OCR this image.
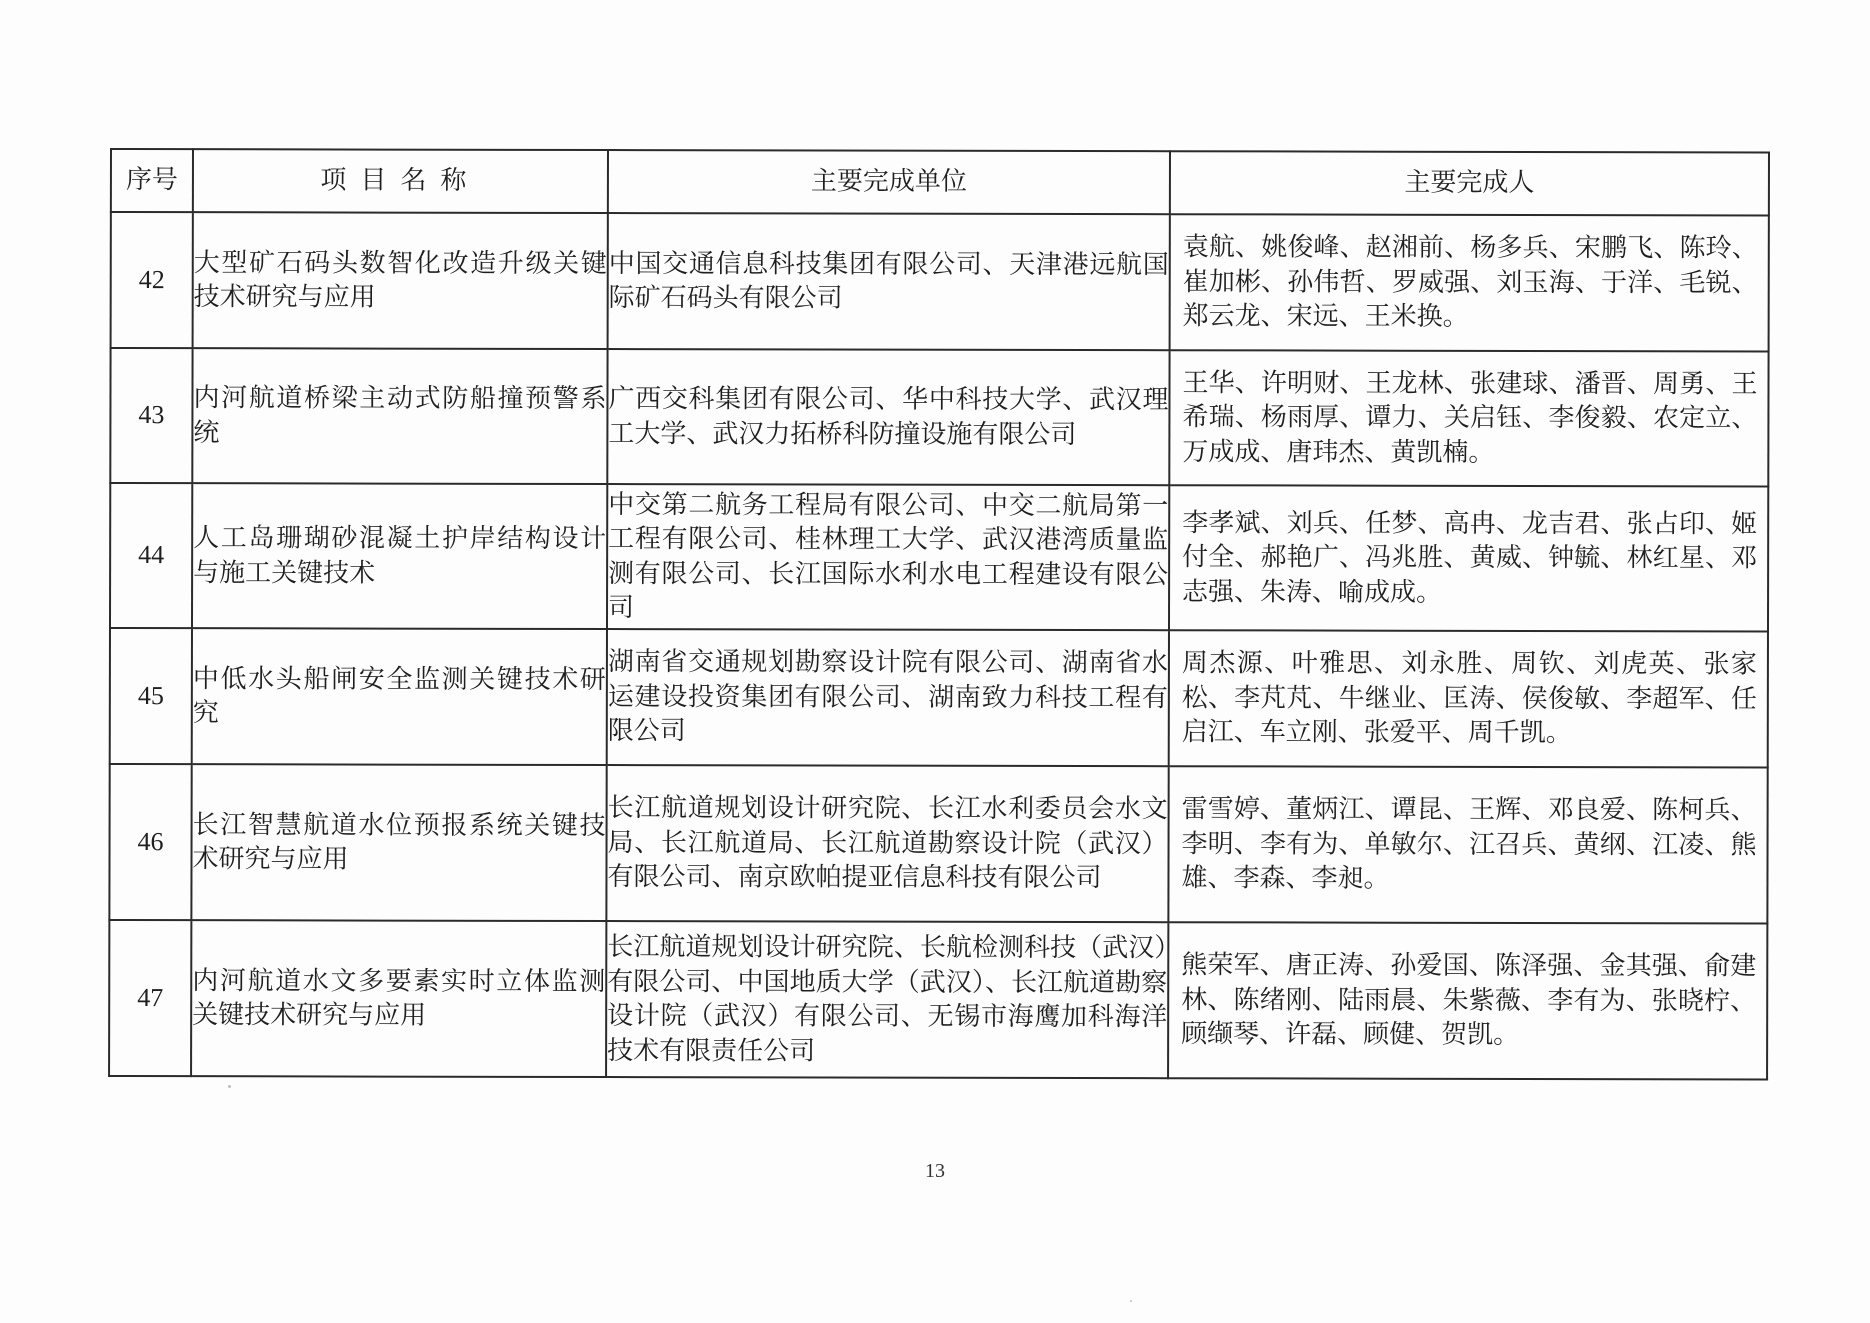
序号	项目名称	主要完成单位	主要完成人
42	大型矿石码头数智化改造升级关键技术研究与应用	中国交通信息科技集团有限公司、天津港远航国际矿石码头有限公司	袁航、姚俊峰、赵湘前、杨多兵、宋鹏飞、陈玲、崔加彬、孙伟哲、罗威强、刘玉海、于洋、毛锐、郑云龙、宋远、王米换。
43	内河航道桥梁主动式防船撞预警系统	广西交科集团有限公司、华中科技大学、武汉理工大学、武汉力拓桥科防撞设施有限公司	王华、许明财、王龙林、张建球、潘晋、周勇、王希瑞、杨雨厚、谭力、关启钰、李俊毅、农定立、万成成、唐玮杰、黄凯楠。
44	人工岛珊瑚砂混凝土护岸结构设计与施工关键技术	中交第二航务工程局有限公司、中交二航局第一工程有限公司、桂林理工大学、武汉港湾质量监测有限公司、长江国际水利水电工程建设有限公司	李孝斌、刘兵、任梦、高冉、龙吉君、张占印、姬付全、郝艳广、冯兆胜、黄威、钟毓、林红星、邓志强、朱涛、喻成成。
45	中低水头船闸安全监测关键技术研究	湖南省交通规划勘察设计院有限公司、湖南省水运建设投资集团有限公司、湖南致力科技工程有限公司	周杰源、叶雅思、刘永胜、周钦、刘虎英、张家松、李芃芃、牛继业、匡涛、侯俊敏、李超军、任启江、车立刚、张爱平、周千凯。
46	长江智慧航道水位预报系统关键技术研究与应用	长江航道规划设计研究院、长江水利委员会水文局、长江航道局、长江航道勘察设计院（武汉）有限公司、南京欧帕提亚信息科技有限公司	雷雪婷、董炳江、谭昆、王辉、邓良爱、陈柯兵、李明、李有为、单敏尔、江召兵、黄纲、江凌、熊雄、李森、李昶。
47	内河航道水文多要素实时立体监测关键技术研究与应用	长江航道规划设计研究院、长航检测科技（武汉）有限公司、中国地质大学（武汉）、长江航道勘察设计院（武汉）有限公司、无锡市海鹰加科海洋技术有限责任公司	熊荣军、唐正涛、孙爱国、陈泽强、金其强、俞建林、陈绪刚、陆雨晨、朱紫薇、李有为、张晓柠、顾缬琴、许磊、顾健、贺凯。
13
